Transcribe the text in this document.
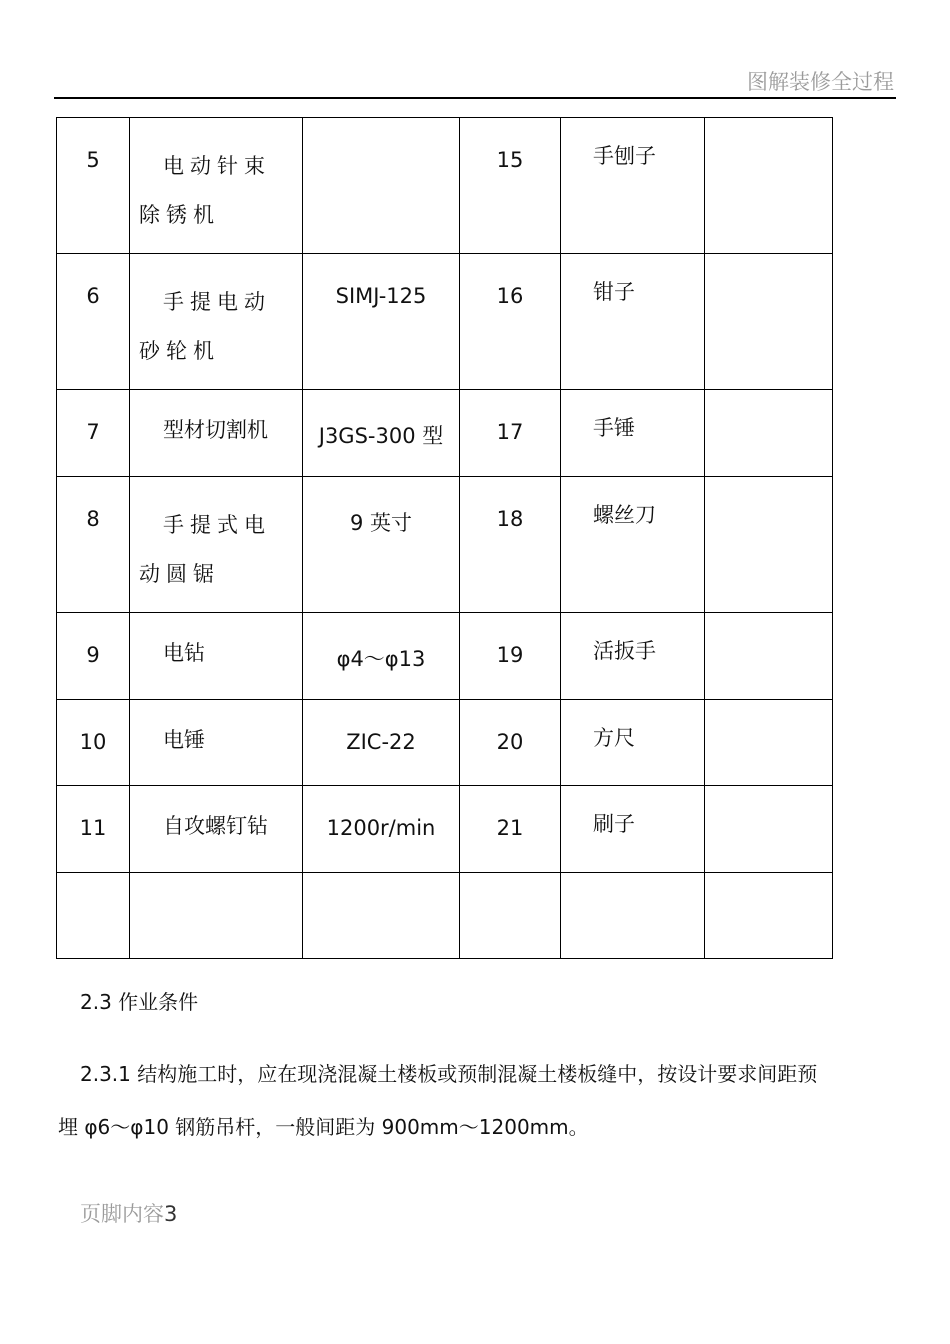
图解装修全过程
5	电动针束除锈机		15	手刨子	

6	手提电动砂轮机	SIMJ-125	16	钳子	

7	型材切割机	J3GS-300 型	17	手锤	

8	手提式电动圆锯	9 英寸	18	螺丝刀	

9	电钻	φ4～φ13	19	活扳手	

10	电锤	ZIC-22	20	方尺	

11	自攻螺钉钻	1200r/min	21	刷子	

2.3 作业条件
2.3.1 结构施工时，应在现浇混凝土楼板或预制混凝土楼板缝中，按设计要求间距预
埋 φ6～φ10 钢筋吊杆，一般间距为 900mm～1200mm。
页脚内容3
